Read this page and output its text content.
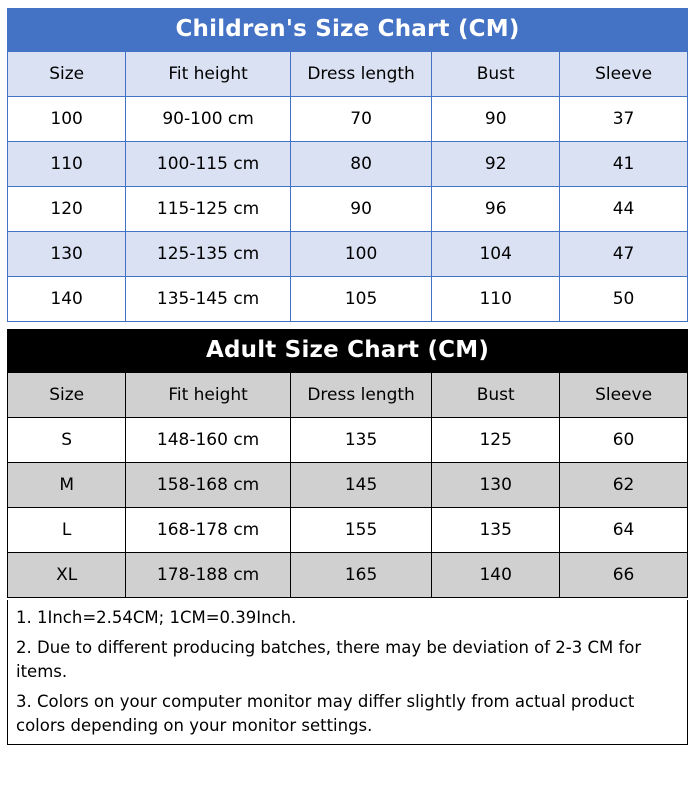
Children's Size Chart (CM)
Size	Fit height	Dress length	Bust	Sleeve
100	90-100 cm	70	90	37
110	100-115 cm	80	92	41
120	115-125 cm	90	96	44
130	125-135 cm	100	104	47
140	135-145 cm	105	110	50
Adult Size Chart (CM)
Size	Fit height	Dress length	Bust	Sleeve
S	148-160 cm	135	125	60
M	158-168 cm	145	130	62
L	168-178 cm	155	135	64
XL	178-188 cm	165	140	66

1. 1Inch=2.54CM; 1CM=0.39Inch.

2. Due to different producing batches, there may be deviation of 2-3 CM for items.

3. Colors on your computer monitor may differ slightly from actual product colors depending on your monitor settings.
